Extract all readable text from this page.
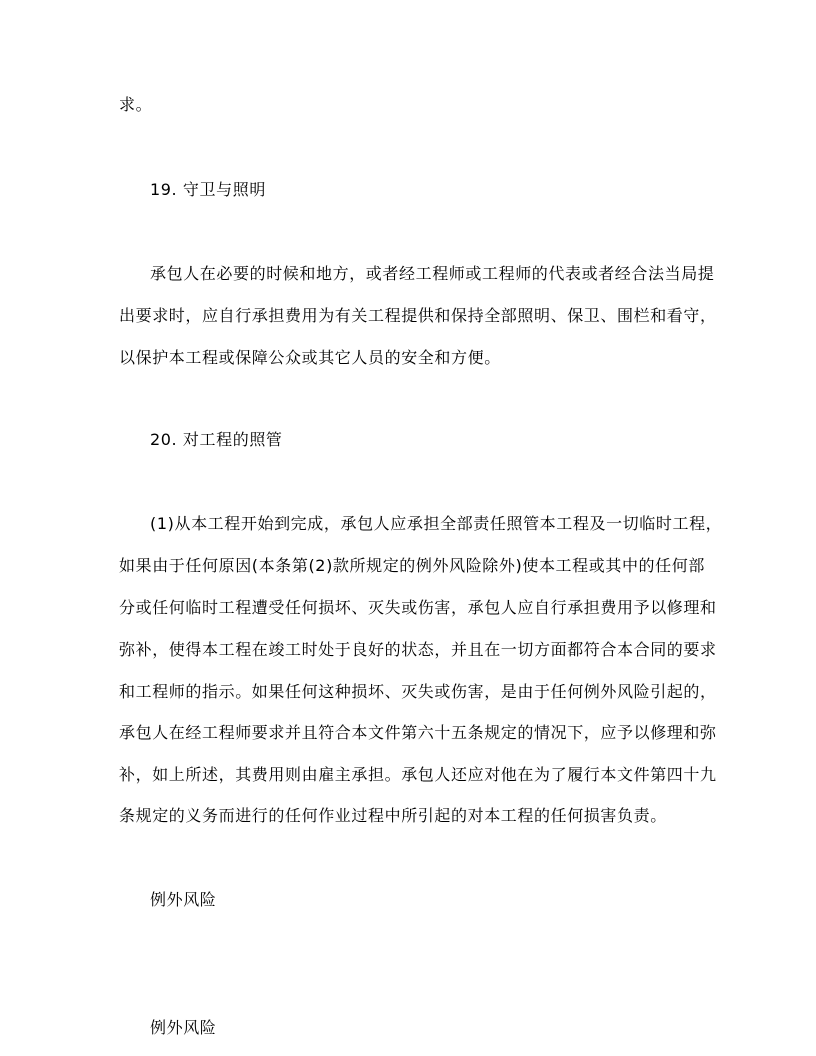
求。
19. 守卫与照明
承包人在必要的时候和地方，或者经工程师或工程师的代表或者经合法当局提
出要求时，应自行承担费用为有关工程提供和保持全部照明、保卫、围栏和看守，
以保护本工程或保障公众或其它人员的安全和方便。
20. 对工程的照管
(1)从本工程开始到完成，承包人应承担全部责任照管本工程及一切临时工程，
如果由于任何原因(本条第(2)款所规定的例外风险除外)使本工程或其中的任何部
分或任何临时工程遭受任何损坏、灭失或伤害，承包人应自行承担费用予以修理和
弥补，使得本工程在竣工时处于良好的状态，并且在一切方面都符合本合同的要求
和工程师的指示。如果任何这种损坏、灭失或伤害，是由于任何例外风险引起的，
承包人在经工程师要求并且符合本文件第六十五条规定的情况下，应予以修理和弥
补，如上所述，其费用则由雇主承担。承包人还应对他在为了履行本文件第四十九
条规定的义务而进行的任何作业过程中所引起的对本工程的任何损害负责。
例外风险
例外风险
